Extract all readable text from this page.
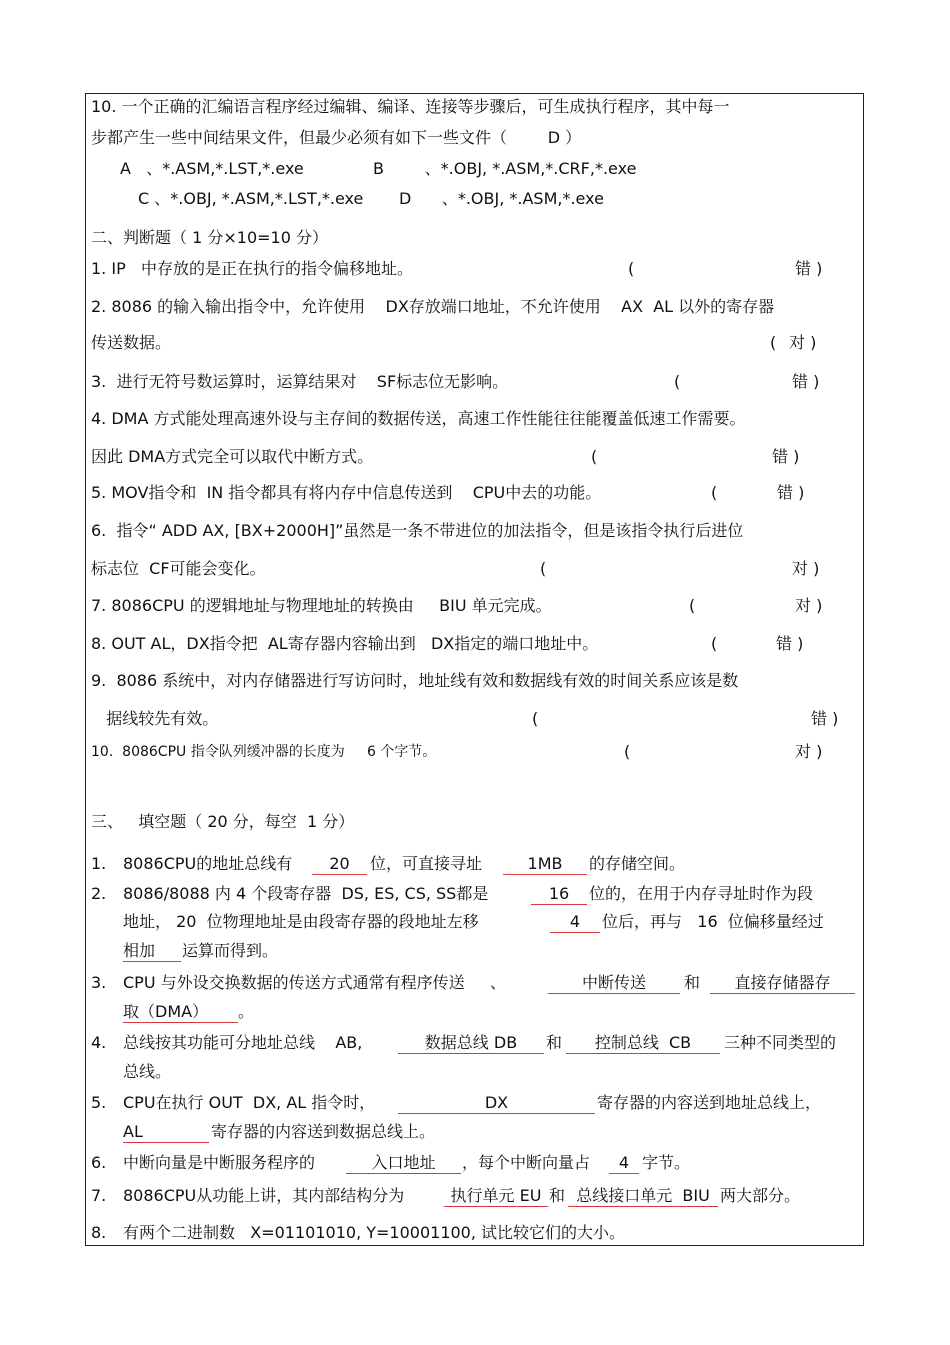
10. 一个正确的汇编语言程序经过编辑、编译、连接等步骤后，可生成执行程序，其中每一
步都产生一些中间结果文件，但最少必须有如下一些文件（        D ）
A   、*.ASM,*.LST,*.exe	B        、*.OBJ, *.ASM,*.CRF,*.exe
C 、*.OBJ, *.ASM,*.LST,*.exe D      、*.OBJ, *.ASM,*.exe
二、判断题（ 1 分×10=10 分）
1. IP   中存放的是正在执行的指令偏移地址。	(	错 )
2. 8086 的输入输出指令中，允许使用    DX存放端口地址，不允许使用    AX  AL 以外的寄存器
传送数据。	( 对 )
3.  进行无符号数运算时，运算结果对    SF标志位无影响。	(	错 )
4. DMA 方式能处理高速外设与主存间的数据传送，高速工作性能往往能覆盖低速工作需要。
因此 DMA方式完全可以取代中断方式。	(	错 )
5. MOV指令和  IN 指令都具有将内存中信息传送到    CPU中去的功能。	(	错 )
6.  指令“ ADD AX, [BX+2000H]”虽然是一条不带进位的加法指令，但是该指令执行后进位
标志位  CF可能会变化。	(	对 )
7. 8086CPU 的逻辑地址与物理地址的转换由     BIU 单元完成。	(	对 )
8. OUT AL，DX指令把  AL寄存器内容输出到   DX指定的端口地址中。	(	错 )
9.  8086 系统中，对内存储器进行写访问时，地址线有效和数据线有效的时间关系应该是数
据线较先有效。	(	错 )
10.  8086CPU 指令队列缓冲器的长度为     6 个字节。	(	对 )
三、   填空题（ 20 分，每空  1 分）
1. 8086CPU的地址总线有	20	位，可直接寻址	1MB	的存储空间。
2. 8086/8088 内 4 个段寄存器  DS, ES, CS, SS都是	16	位的，在用于内存寻址时作为段
地址， 20  位物理地址是由段寄存器的段地址左移	4	位后，再与   16  位偏移量经过
相加 运算而得到。
3. CPU 与外设交换数据的传送方式通常有程序传送     、	中断传送	和	直接存储器存
取（DMA） 。
4. 总线按其功能可分地址总线    AB,	数据总线 DB	和	控制总线  CB	三种不同类型的
总线。
5. CPU在执行 OUT  DX, AL 指令时，	DX	寄存器的内容送到地址总线上，
AL	寄存器的内容送到数据总线上。
6. 中断向量是中断服务程序的	入口地址	，每个中断向量占	4 字节。
7. 8086CPU从功能上讲，其内部结构分为	执行单元 EU 和 总线接口单元  BIU 两大部分。
8. 有两个二进制数   X=01101010, Y=10001100, 试比较它们的大小。
